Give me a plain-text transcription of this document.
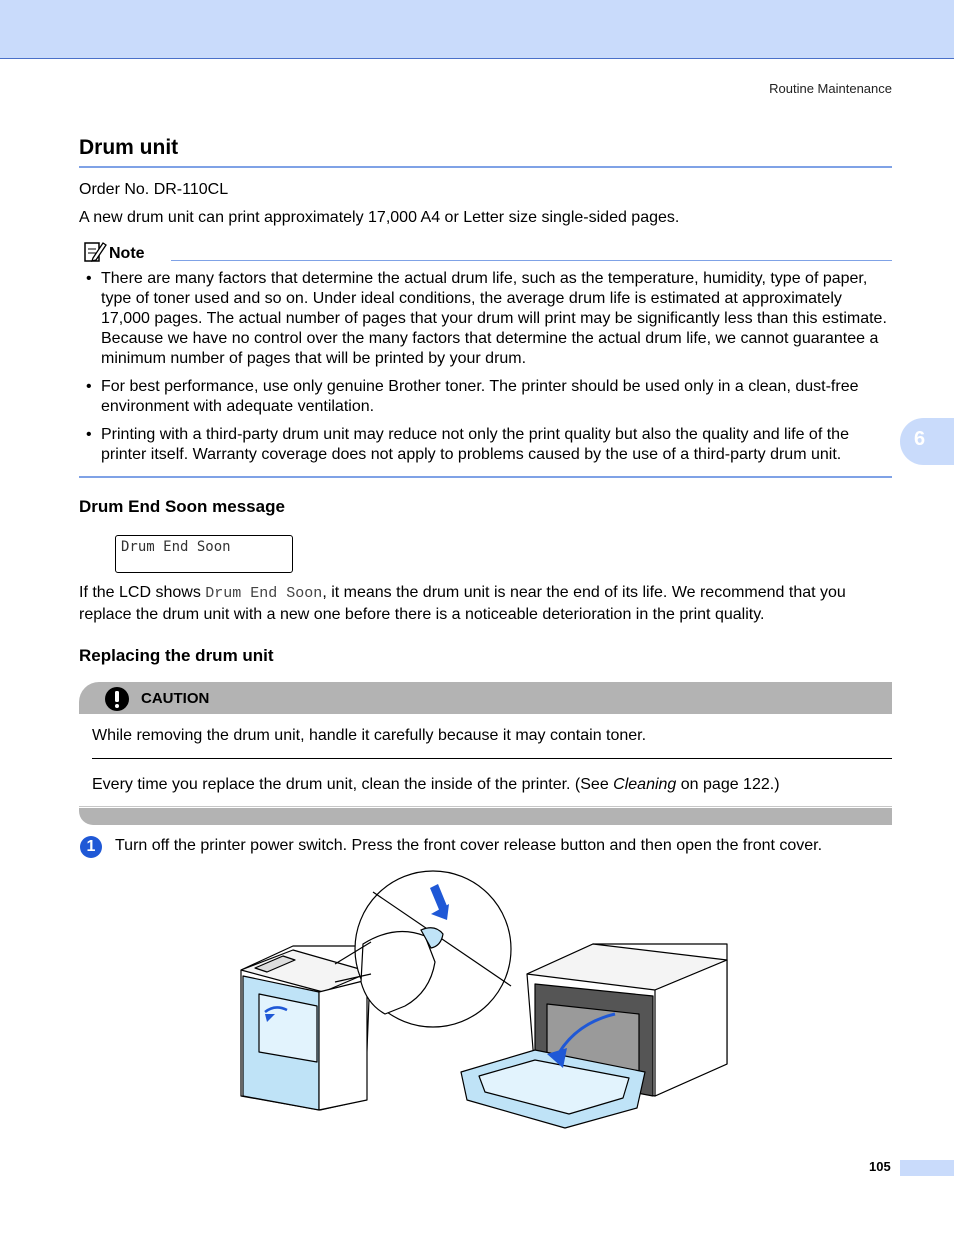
Routine Maintenance
6
Drum unit
Order No. DR-110CL
A new drum unit can print approximately 17,000 A4 or Letter size single-sided pages.
Note
• There are many factors that determine the actual drum life, such as the temperature, humidity, type of paper, type of toner used and so on. Under ideal conditions, the average drum life is estimated at approximately 17,000 pages. The actual number of pages that your drum will print may be significantly less than this estimate. Because we have no control over the many factors that determine the actual drum life, we cannot guarantee a minimum number of pages that will be printed by your drum.
• For best performance, use only genuine Brother toner. The printer should be used only in a clean, dust-free environment with adequate ventilation.
• Printing with a third-party drum unit may reduce not only the print quality but also the quality and life of the printer itself. Warranty coverage does not apply to problems caused by the use of a third-party drum unit.
Drum End Soon message
Drum End Soon
If the LCD shows Drum End Soon, it means the drum unit is near the end of its life. We recommend that you replace the drum unit with a new one before there is a noticeable deterioration in the print quality.
Replacing the drum unit
CAUTION
While removing the drum unit, handle it carefully because it may contain toner.
Every time you replace the drum unit, clean the inside of the printer. (See Cleaning on page 122.)
1	Turn off the printer power switch. Press the front cover release button and then open the front cover.
105
